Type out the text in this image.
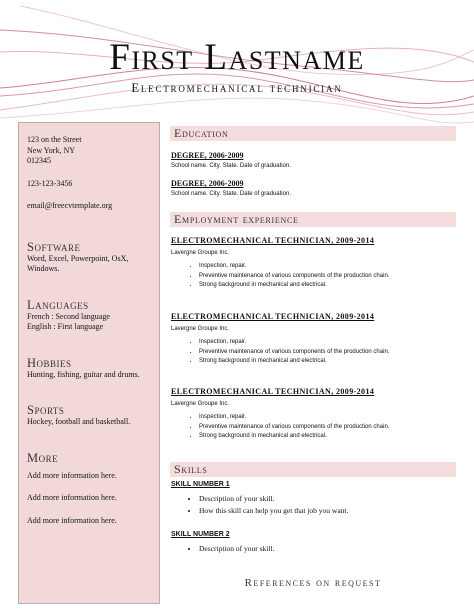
First Lastname
Electromechanical technician

123 on the Street

New York, NY

012345

123-123-3456

email@freecvtemplate.org

Software

Word, Excel, Powerpoint, OsX, Windows.

Languages

French : Second language

English : First language

Hobbies

Hunting, fishing, guitar and drums.

Sports

Hockey, football and basketball.

More

Add more information here.

Add more information here.

Add more information here.

Education
DEGREE, 2006-2009
School name. City. State. Date of graduation.
DEGREE, 2006-2009
School name. City. State. Date of graduation.
Employment experience
ELECTROMECHANICAL TECHNICIAN, 2009-2014
Lavergne Groupe Inc.
• Inspection, repair.
• Preventive maintenance of various components of the production chain.
• Strong background in mechanical and electrical.
ELECTROMECHANICAL TECHNICIAN, 2009-2014
Lavergne Groupe Inc.
• Inspection, repair.
• Preventive maintenance of various components of the production chain.
• Strong background in mechanical and electrical.
ELECTROMECHANICAL TECHNICIAN, 2009-2014
Lavergne Groupe Inc.
• Inspection, repair.
• Preventive maintenance of various components of the production chain.
• Strong background in mechanical and electrical.
Skills
SKILL NUMBER 1
• Description of your skill.
• How this skill can help you get that job you want.
SKILL NUMBER 2
• Description of your skill.
References on request
